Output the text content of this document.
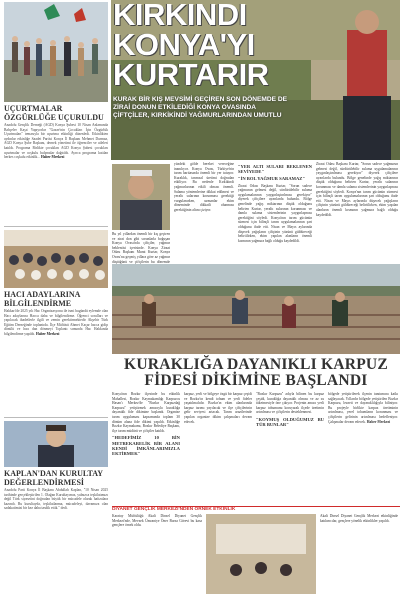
UÇURTMALAR ÖZGÜRLÜĞE UÇURULDU
Anadolu Gençlik Derneği (AGD) Konya Şubesi 10 Nisan Anlamında Bahçeler Kaşıt Yapıyorlar "Gazze'nin Çocukları İçin Özgürlük Uçurtmaları" temasıyla bir uçurtma etkinliği düzenledi. Etkinlikten aydınlar etkinliğe Saadet Partisi Konya İl Başkanı Mehmet Durmaz, AGD Konya Şube Başkanı, dernek yönetimi ile öğrenciler ve aileleri katıldı. Programa Birlikte çocukları AGD Konya Şubesi çocukları uçurtmalar ve coşkulu bulşmalar dağıtıldı. Ayrıca programa katılan herkes coşkulu etkinlik... Haber Merkezi
HACI ADAYLARINA BİLGİLENDİRME
Hakkari'de 2025 yılı Hac Organizasyonu ile ismi bugündü eylemde olan Hacı adaylarına Hacca daha ve bilgilendirme. Öğrenci sorulları ve yapılacak ibadetlerle ilgili ve zemin gerektirmektedir Akşehir Türk Eğitim Derneğinde toplantıda. İlçe Müftüsü Ahmet Kaçar hacca gidip dönülü ve hacı dan dönmeyi Toplantı sonunda Hac Hakkında bilgilendirme yapıldı. Haber Merkezi
KAPLAN'DAN KURULTAY DEĞERLENDİRMESİ
Anadolu Parti Konya İl Başkanı Abdullah Kaplan, "10 Nisan 2025 tarihinde gerçekleştirilen 1. Olağan Kurultayımız, yalnızca teşkilatımızı değil Türk siyasetini doğrudan büyük bir mücadele olarak hafızalara kazındı. Bu kurultayda, teşkilatlanma, mücadeleyi, davamıza olan sadakatimizi bir kez daha tasdik ettik." dedi.
KIRKINDI
KONYA'YI
KURTARIR
KURAK BİR KIŞ MEVSİMİ GEÇİREN SON DÖNEMDE DE ZİRAİ DONUN ETKİLEDİĞİ KONYA OVASINDA ÇİFTÇİLER, KIRKİKİNDİ YAĞMURLARINDAN UMUTLU
Bu yıl yıllardan önemli bir kış geçiren ve zirai don gibi sorunlarla boğuşan Konya Ovası'nda çiftçiler, yağmur beklentisi içerisinde. Konya Ziraat Odası Başkanı Murat Kurtar, Konya Ovası'na geçmiş yıllara göre az yağmur düştüğünü ve çiftçilerin bu dönemde
yüzdeki gölde bereket vereceğine inanılıyor. Konya Ovası, Türkiye'nin tarım haritasında önemli bir yer tutuyor. Kuraklık, tarımsal üretimi doğrudan etkiliyor. Bu nedenle Kırkikindi yağmurlarının etkili olması önemli. Sulama yöntemlerine dikkat edilmesi ve yeraltı sularının korunması gerektiği vurgulanırken, uzmanlar ekim döneminde dikkatli olunması gerektiğinin altını çiziyor.
"YER ALTI SULARI BEKLENEN SEVİYEDE"
"İN BOL YAĞMUR SARAMAZ"
Ziraat Odası Başkanı Kurtar, "Sorun sadece yağmurun gelmesi değil, sürdürülebilir sulama uygulamalarının yaygınlaştırılması gerekiyor" diyerek çiftçilere uyarılarda bulundu. Bölge genelinde yağış miktarının düşük olduğunu belirten Kurtar, yeraltı sularının korunması ve damla sulama sistemlerinin yaygınlaşması gerektiğini söyledi. Konya'nın tarım gücünün sürmesi için bilinçli tarım uygulamalarının şart olduğunu ifade etti. Nisan ve Mayıs aylarında düşecek yağışların çiftçinin yüzünü güldüreceği belirtilirken, ekim yapılan alanların önemli kısmının yağmura bağlı olduğu kaydedildi.
Ziraat Odası Başkanı Kurtar, "Sorun sadece yağmurun gelmesi değil, sürdürülebilir sulama uygulamalarının yaygınlaştırılması gerekiyor" diyerek çiftçilere uyarılarda bulundu. Bölge genelinde yağış miktarının düşük olduğunu belirten Kurtar, yeraltı sularının korunması ve damla sulama sistemlerinin yaygınlaşması gerektiğini söyledi. Konya'nın tarım gücünün sürmesi için bilinçli tarım uygulamalarının şart olduğunu ifade etti. Nisan ve Mayıs aylarında düşecek yağışların çiftçinin yüzünü güldüreceği belirtilirken, ekim yapılan alanların önemli kısmının yağmura bağlı olduğu kaydedildi.
KURAKLIĞA DAYANIKLI KARPUZ
FİDESİ DİKİMİNE BAŞLANDI
Konya'nın Bozkır ilçesinde bu etkinlik Mahallesi, Bozkır Kaymakamlığı Karpuzcu Hasan'ı Merkez'de "Bozkır Karpuzdağ Karpuzu" yetiştirmek amacıyla kuraklığa dayanıklı fide dikimine başlandı. Organize tarım uygulaması kapsamında toplam 30 dönüm alana fide dikimi yapıldı. Etkinliğe Bozkır Kaymakamı, Bozkır Belediye Başkanı, ilçe tarım müdürü ve çiftçiler katıldı.
"HEDEFİMİZ 10 BİN METREKARELİK BİR ALANI KENDİ İMKÂNLARIMIZLA EKTİRMEK"
karpuz, yerli ve bölgeye özgü bir karpuz çeşidi ve Bozkır'ın kendi tohum ve yerli fideler yaşatılmalıdır. Bozkır'ın ekim alanlarında karpuz tarımı yayılacak ve ilçe çiftçilerinin gelir seviyesi artacak. Tarım arazilerinde yapılan organize dikim çalışmaları devam edecek.
"Bozkır Karpuzu" adıyla bilinen bu karpuz çeşidi, kuraklığa dayanıklı olması ve az su tüketmesiyle öne çıkıyor. Projenin amacı yerli karpuz tohumunu koruyarak ilçede üretimin artırılması ve çiftçilerin desteklenmesi.
"KOYMUŞ OLDUĞUMUZ BU TÜR BUNLAR"
bölgede yetiştirilerek ilçenin tanıtımına katkı sağlayacak. Yıllardır bölgede yetiştirilen Bozkır Karpuzu, lezzeti ve dayanıklılığıyla biliniyor. Bu projeyle birlikte karpuz üretiminin artırılması, yerel tohumların korunması ve çiftçilerin gelirinin artırılması hedefleniyor. Çalışmalar devam edecek. Haber Merkezi
DİYANET GENÇLİK MERKEZİ'NDEN ÖRNEK ETKİNLİK
Karatay Müftülüğü Akali Dinsel Diyanet Gençlik Merkezi'nde, Mevzek Ümraniye Öner Bursa Görevi bu kasa gençlere örnek oldu.
Akali Dinsel Diyanet Gençlik Merkezi etkinliğinde katılımcılar, gençlere yönelik etkinlikler yapıldı.
